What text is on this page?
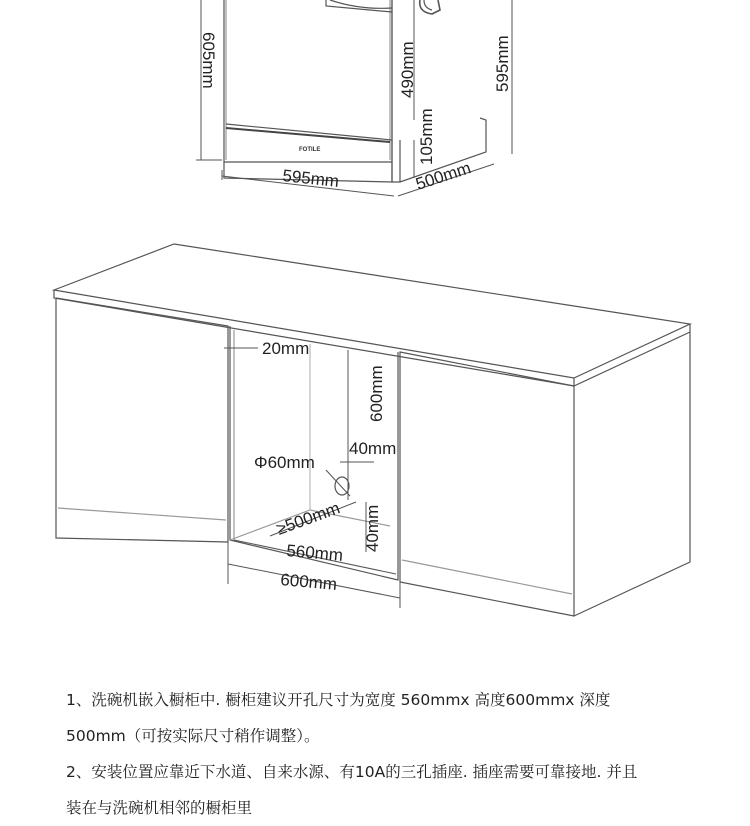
FOTILE
605mm	490mm
105mm
595mm
595mm	500mm
20mm
600mm
40mm
Φ60mm
≥500mm 40mm
560mm
600mm

1、洗碗机嵌入橱柜中. 橱柜建议开孔尺寸为宽度 560mmx 高度600mmx 深度

500mm（可按实际尺寸稍作调整）。

2、安装位置应靠近下水道、自来水源、有10A的三孔插座. 插座需要可靠接地. 并且

装在与洗碗机相邻的橱柜里
